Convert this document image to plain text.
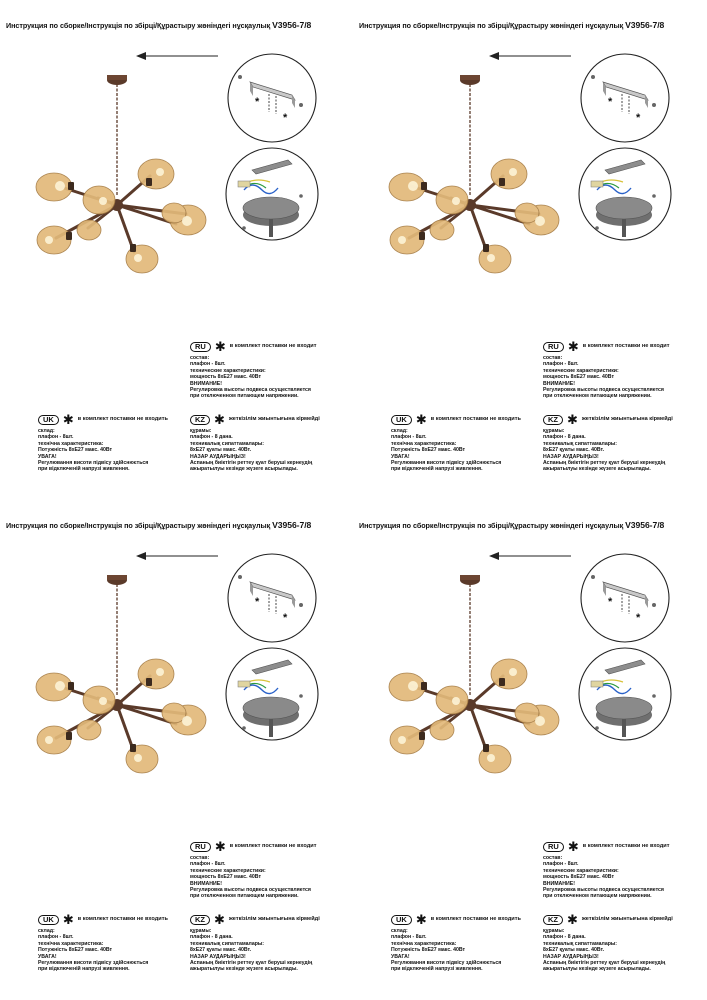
Инструкция по сборке/Інструкція по збірці/Құрастыру жөніндегі нұсқаулық V3956-7/8
*
*
RU ✱ в комплект поставки не входит
состав:
плафон - 8шт.
технические характеристики:
мощность 8хЕ27 макс. 40Вт
ВНИМАНИЕ!
Регулировка высоты подвеса осуществляется
при отключенном питающем напряжении.
UK ✱ в комплект поставки не входить
склад:
плафон - 8шт.
технічна характеристика:
Потужність 8хЕ27 макс. 40Вт
УВАГА!
Регулювання висоти підвісу здійснюється
при відключеній напрузі живлення.
KZ ✱ жеткізілім жиынтығына кірмейді
құрамы:
плафон - 8 дана.
техникалық сипаттамалары:
8хЕ27 қуаты макс. 40Вт.
НАЗАР АУДАРЫҢЫЗ!
Аспаның биіктігін реттеу қуат беруші кернеудің
ажыратылуы кезінде жүзеге асырылады.
Инструкция по сборке/Інструкція по збірці/Құрастыру жөніндегі нұсқаулық V3956-7/8
*
*
RU ✱ в комплект поставки не входит
состав:
плафон - 8шт.
технические характеристики:
мощность 8хЕ27 макс. 40Вт
ВНИМАНИЕ!
Регулировка высоты подвеса осуществляется
при отключенном питающем напряжении.
UK ✱ в комплект поставки не входить
склад:
плафон - 8шт.
технічна характеристика:
Потужність 8хЕ27 макс. 40Вт
УВАГА!
Регулювання висоти підвісу здійснюється
при відключеній напрузі живлення.
KZ ✱ жеткізілім жиынтығына кірмейді
құрамы:
плафон - 8 дана.
техникалық сипаттамалары:
8хЕ27 қуаты макс. 40Вт.
НАЗАР АУДАРЫҢЫЗ!
Аспаның биіктігін реттеу қуат беруші кернеудің
ажыратылуы кезінде жүзеге асырылады.
Инструкция по сборке/Інструкція по збірці/Құрастыру жөніндегі нұсқаулық V3956-7/8
*
*
RU ✱ в комплект поставки не входит
состав:
плафон - 8шт.
технические характеристики:
мощность 8хЕ27 макс. 40Вт
ВНИМАНИЕ!
Регулировка высоты подвеса осуществляется
при отключенном питающем напряжении.
UK ✱ в комплект поставки не входить
склад:
плафон - 8шт.
технічна характеристика:
Потужність 8хЕ27 макс. 40Вт
УВАГА!
Регулювання висоти підвісу здійснюється
при відключеній напрузі живлення.
KZ ✱ жеткізілім жиынтығына кірмейді
құрамы:
плафон - 8 дана.
техникалық сипаттамалары:
8хЕ27 қуаты макс. 40Вт.
НАЗАР АУДАРЫҢЫЗ!
Аспаның биіктігін реттеу қуат беруші кернеудің
ажыратылуы кезінде жүзеге асырылады.
Инструкция по сборке/Інструкція по збірці/Құрастыру жөніндегі нұсқаулық V3956-7/8
*
*
RU ✱ в комплект поставки не входит
состав:
плафон - 8шт.
технические характеристики:
мощность 8хЕ27 макс. 40Вт
ВНИМАНИЕ!
Регулировка высоты подвеса осуществляется
при отключенном питающем напряжении.
UK ✱ в комплект поставки не входить
склад:
плафон - 8шт.
технічна характеристика:
Потужність 8хЕ27 макс. 40Вт
УВАГА!
Регулювання висоти підвісу здійснюється
при відключеній напрузі живлення.
KZ ✱ жеткізілім жиынтығына кірмейді
құрамы:
плафон - 8 дана.
техникалық сипаттамалары:
8хЕ27 қуаты макс. 40Вт.
НАЗАР АУДАРЫҢЫЗ!
Аспаның биіктігін реттеу қуат беруші кернеудің
ажыратылуы кезінде жүзеге асырылады.
